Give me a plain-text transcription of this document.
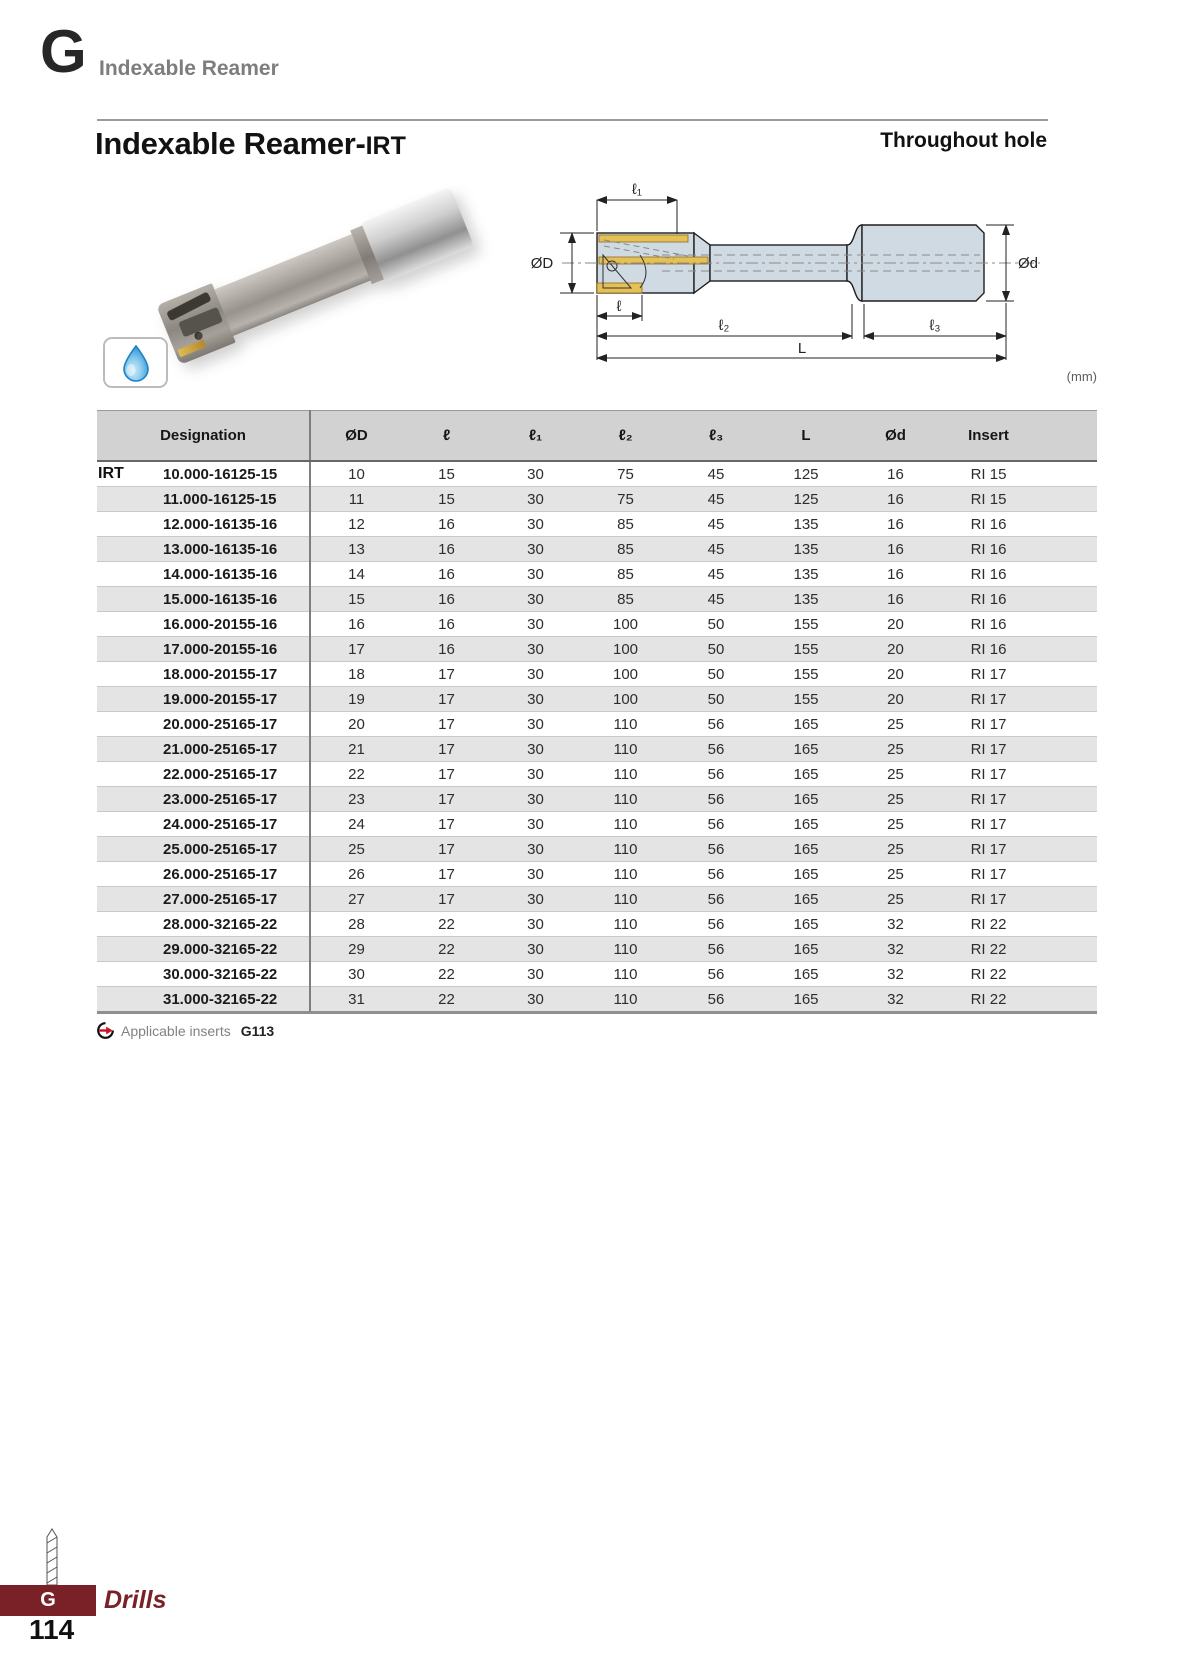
G Indexable Reamer
Indexable Reamer-IRT	Throughout hole
ℓ₁
ØD	Ød
ℓ
ℓ₂	ℓ₃
L
(mm)
Designation	ØD	ℓ	ℓ₁	ℓ₂	ℓ₃	L	Ød	Insert

IRT 10.000-16125-15	10	15	30	75	45	125	16	RI 15
11.000-16125-15	11	15	30	75	45	125	16	RI 15
12.000-16135-16	12	16	30	85	45	135	16	RI 16
13.000-16135-16	13	16	30	85	45	135	16	RI 16
14.000-16135-16	14	16	30	85	45	135	16	RI 16
15.000-16135-16	15	16	30	85	45	135	16	RI 16
16.000-20155-16	16	16	30	100	50	155	20	RI 16
17.000-20155-16	17	16	30	100	50	155	20	RI 16
18.000-20155-17	18	17	30	100	50	155	20	RI 17
19.000-20155-17	19	17	30	100	50	155	20	RI 17
20.000-25165-17	20	17	30	110	56	165	25	RI 17
21.000-25165-17	21	17	30	110	56	165	25	RI 17
22.000-25165-17	22	17	30	110	56	165	25	RI 17
23.000-25165-17	23	17	30	110	56	165	25	RI 17
24.000-25165-17	24	17	30	110	56	165	25	RI 17
25.000-25165-17	25	17	30	110	56	165	25	RI 17
26.000-25165-17	26	17	30	110	56	165	25	RI 17
27.000-25165-17	27	17	30	110	56	165	25	RI 17
28.000-32165-22	28	22	30	110	56	165	32	RI 22
29.000-32165-22	29	22	30	110	56	165	32	RI 22
30.000-32165-22	30	22	30	110	56	165	32	RI 22
31.000-32165-22	31	22	30	110	56	165	32	RI 22
Applicable inserts G113
G Drills
114
